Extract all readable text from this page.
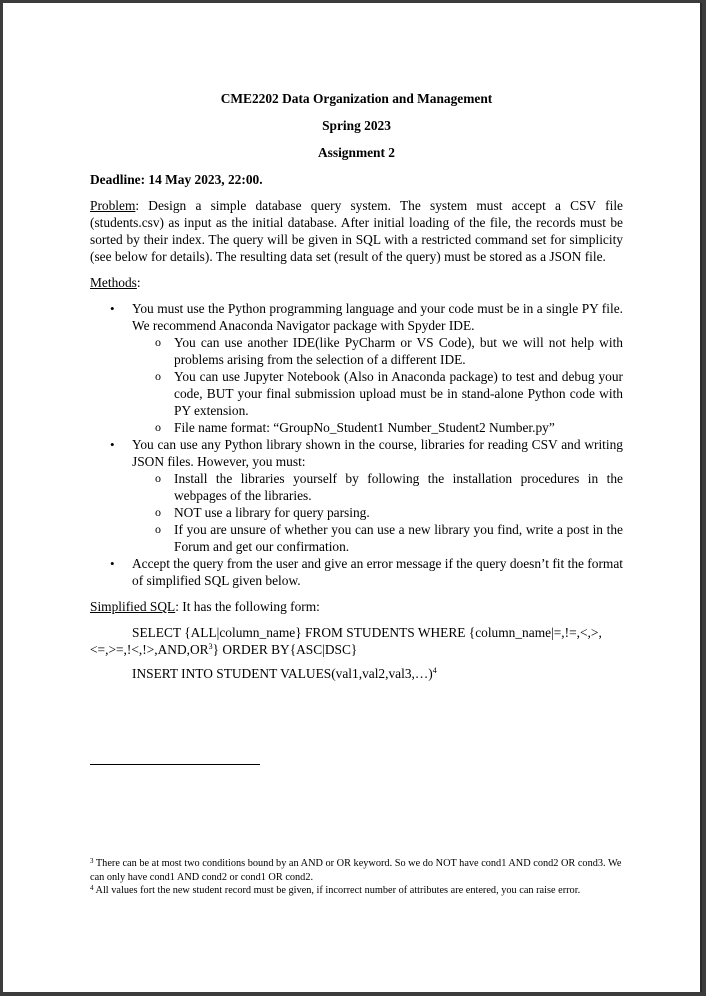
CME2202 Data Organization and Management

Spring 2023

Assignment 2

Deadline: 14 May 2023, 22:00.

Problem: Design a simple database query system. The system must accept a CSV file (students.csv) as input as the initial database. After initial loading of the file, the records must be sorted by their index. The query will be given in SQL with a restricted command set for simplicity (see below for details). The resulting data set (result of the query) must be stored as a JSON file.

Methods:

• You must use the Python programming language and your code must be in a single PY file. We recommend Anaconda Navigator package with Spyder IDE.
o You can use another IDE(like PyCharm or VS Code), but we will not help with problems arising from the selection of a different IDE.
o You can use Jupyter Notebook (Also in Anaconda package) to test and debug your code, BUT your final submission upload must be in stand-alone Python code with PY extension.
o File name format: “GroupNo_Student1 Number_Student2 Number.py”
• You can use any Python library shown in the course, libraries for reading CSV and writing JSON files. However, you must:
o Install the libraries yourself by following the installation procedures in the webpages of the libraries.
o NOT use a library for query parsing.
o If you are unsure of whether you can use a new library you find, write a post in the Forum and get our confirmation.
• Accept the query from the user and give an error message if the query doesn’t fit the format of simplified SQL given below.

Simplified SQL: It has the following form:

SELECT {ALL|column_name} FROM STUDENTS WHERE $\{column\_name|=,!=,<,>,<=,>=,!<,!>,AND,OR^3\}$ ORDER BY{ASC|DSC}

INSERT INTO STUDENT VALUES(val1,val2,val3,…)$^4$

$^3$ There can be at most two conditions bound by an AND or OR keyword. So we do NOT have cond1 AND cond2 OR cond3. We can only have cond1 AND cond2 or cond1 OR cond2.

$^4$ All values fort the new student record must be given, if incorrect number of attributes are entered, you can raise error.
